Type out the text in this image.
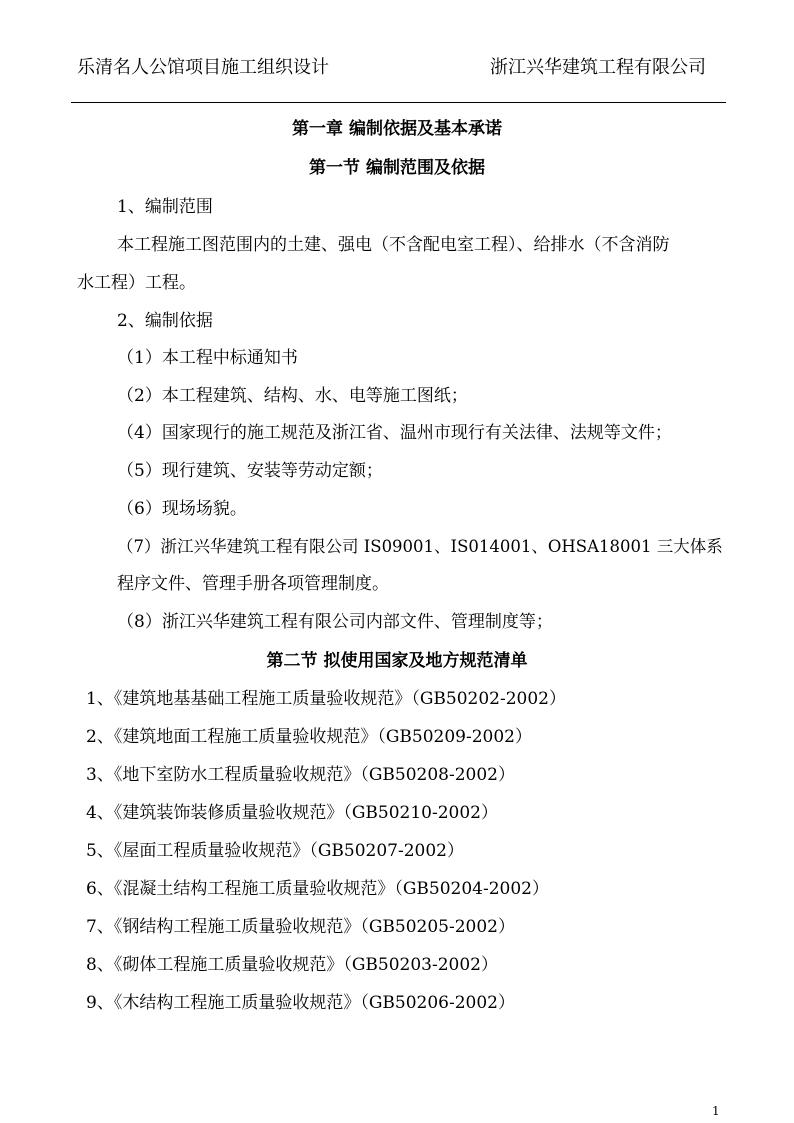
乐清名人公馆项目施工组织设计	浙江兴华建筑工程有限公司
第一章 编制依据及基本承诺
第一节 编制范围及依据
1、编制范围
本工程施工图范围内的土建、强电（不含配电室工程）、给排水（不含消防
水工程）工程。
2、编制依据
（1）本工程中标通知书
（2）本工程建筑、结构、水、电等施工图纸；
（4）国家现行的施工规范及浙江省、温州市现行有关法律、法规等文件；
（5）现行建筑、安装等劳动定额；
（6）现场场貌。
（7）浙江兴华建筑工程有限公司 IS09001、IS014001、OHSA18001 三大体系
程序文件、管理手册各项管理制度。
（8）浙江兴华建筑工程有限公司内部文件、管理制度等；
第二节 拟使用国家及地方规范清单
1、《建筑地基基础工程施工质量验收规范》（GB50202-2002）
2、《建筑地面工程施工质量验收规范》（GB50209-2002）
3、《地下室防水工程质量验收规范》（GB50208-2002）
4、《建筑装饰装修质量验收规范》（GB50210-2002）
5、《屋面工程质量验收规范》（GB50207-2002）
6、《混凝土结构工程施工质量验收规范》（GB50204-2002）
7、《钢结构工程施工质量验收规范》（GB50205-2002）
8、《砌体工程施工质量验收规范》（GB50203-2002）
9、《木结构工程施工质量验收规范》（GB50206-2002）
1
